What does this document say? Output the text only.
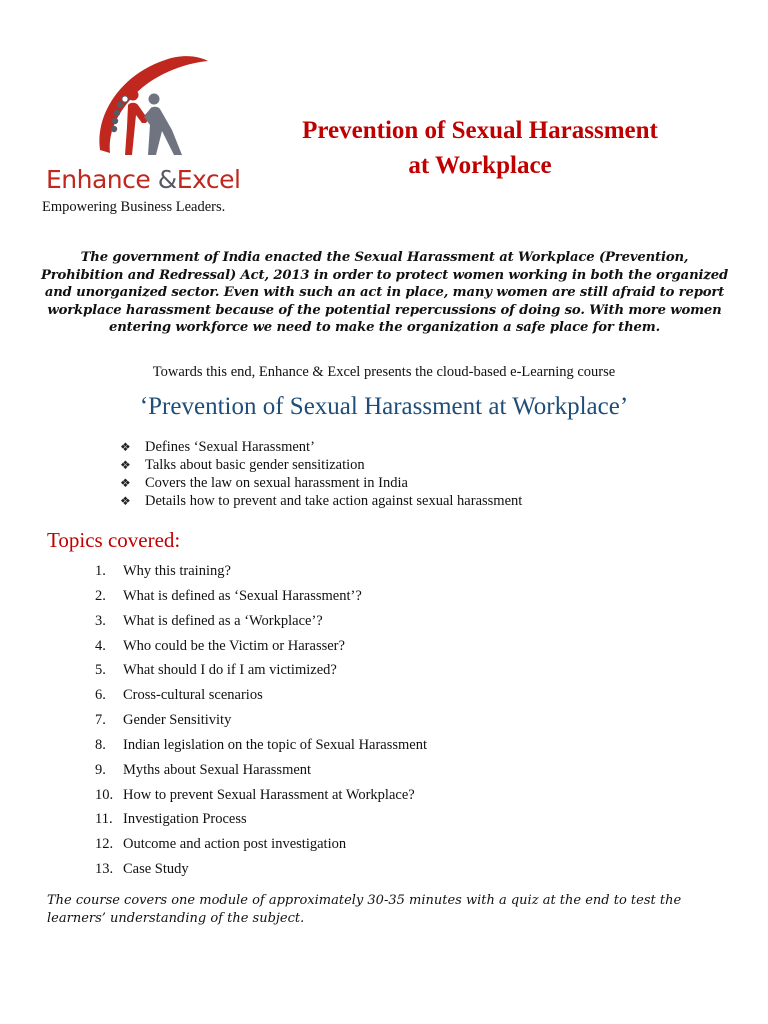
Enhance &Excel
Empowering Business Leaders.
Prevention of Sexual Harassment
at Workplace
The government of India enacted the Sexual Harassment at Workplace (Prevention, Prohibition and Redressal) Act, 2013 in order to protect women working in both the organized and unorganized sector. Even with such an act in place, many women are still afraid to report workplace harassment because of the potential repercussions of doing so. With more women entering workforce we need to make the organization a safe place for them.
Towards this end, Enhance & Excel presents the cloud-based e-Learning course
‘Prevention of Sexual Harassment at Workplace’
❖ Defines ‘Sexual Harassment’
❖ Talks about basic gender sensitization
❖ Covers the law on sexual harassment in India
❖ Details how to prevent and take action against sexual harassment
Topics covered:
1. Why this training?
2. What is defined as ‘Sexual Harassment’?
3. What is defined as a ‘Workplace’?
4. Who could be the Victim or Harasser?
5. What should I do if I am victimized?
6. Cross-cultural scenarios
7. Gender Sensitivity
8. Indian legislation on the topic of Sexual Harassment
9. Myths about Sexual Harassment
10. How to prevent Sexual Harassment at Workplace?
11. Investigation Process
12. Outcome and action post investigation
13. Case Study
The course covers one module of approximately 30-35 minutes with a quiz at the end to test the learners’ understanding of the subject.
